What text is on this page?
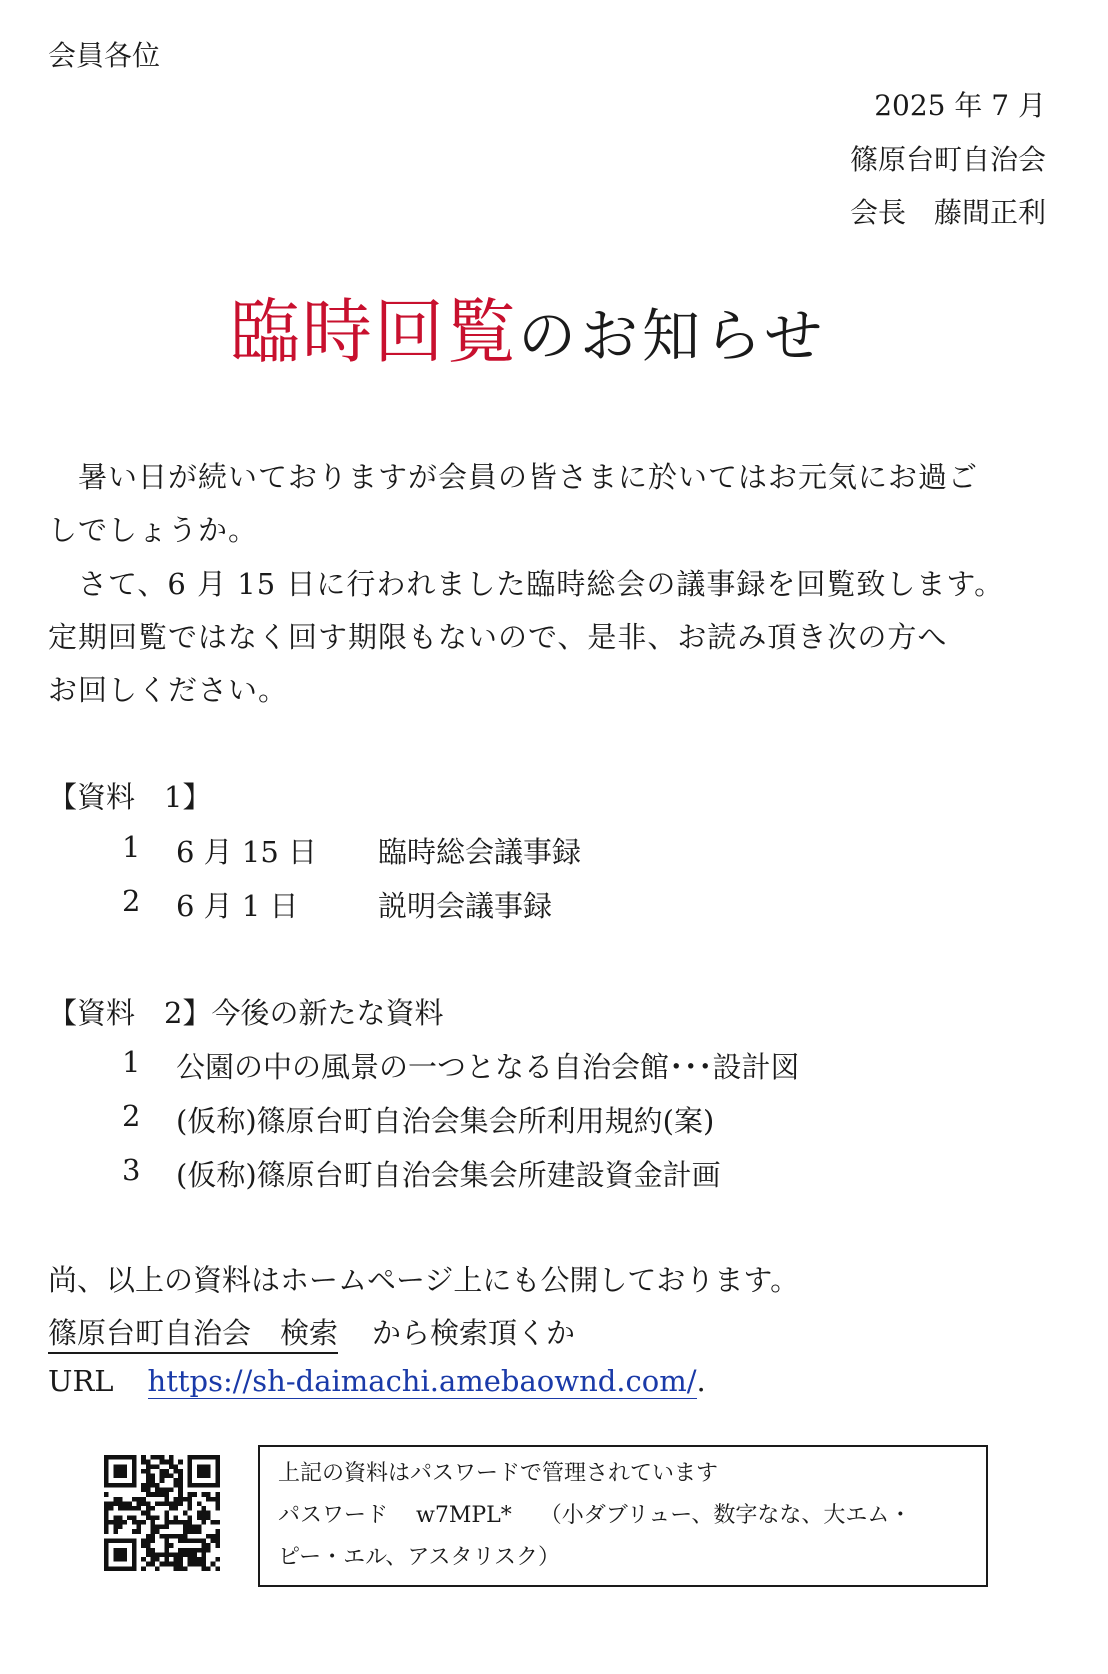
会員各位
2025 年 7 月
篠原台町自治会
会長　藤間正利
臨時回覧のお知らせ
暑い日が続いておりますが会員の皆さまに於いてはお元気にお過ご
しでしょうか。
さて、6 月 15 日に行われました臨時総会の議事録を回覧致します。
定期回覧ではなく回す期限もないので、是非、お読み頂き次の方へ
お回しください。
【資料　1】
1 6 月 15 日 臨時総会議事録
2 6 月 1 日	説明会議事録
【資料　2】今後の新たな資料
1 公園の中の風景の一つとなる自治会館･･･設計図
2 (仮称)篠原台町自治会集会所利用規約(案)
3 (仮称)篠原台町自治会集会所建設資金計画
尚、以上の資料はホームページ上にも公開しております。
篠原台町自治会　検索 から検索頂くか
URL https://sh-daimachi.amebaownd.com/.
上記の資料はパスワードで管理されています
パスワード w7MPL* （小ダブリュー、数字なな、大エム・
ピー・エル、アスタリスク）
